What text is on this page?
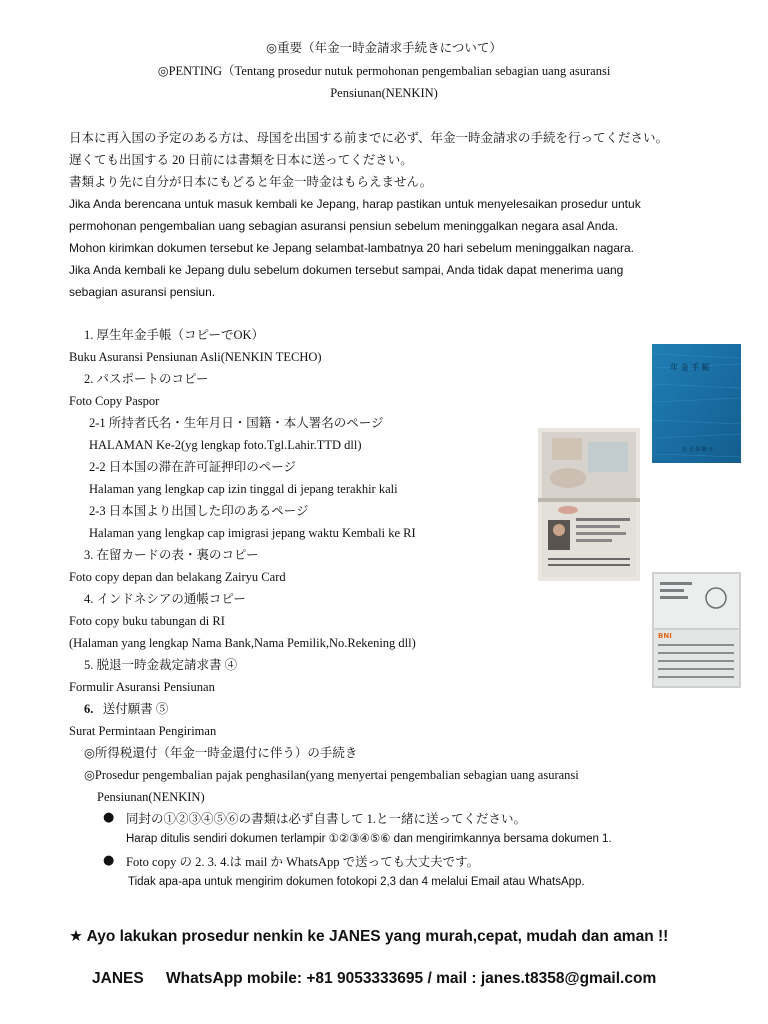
◎重要（年金一時金請求手続きについて）
◎PENTING（Tentang prosedur nutuk permohonan pengembalian sebagian uang asuransi
Pensiunan(NENKIN)
日本に再入国の予定のある方は、母国を出国する前までに必ず、年金一時金請求の手続を行ってください。
遅くても出国する 20 日前には書類を日本に送ってください。
書類より先に自分が日本にもどると年金一時金はもらえません。
Jika Anda berencana untuk masuk kembali ke Jepang, harap pastikan untuk menyelesaikan prosedur untuk
permohonan pengembalian uang sebagian asuransi pensiun sebelum meninggalkan negara asal Anda.
Mohon kirimkan dokumen tersebut ke Jepang selambat-lambatnya 20 hari sebelum meninggalkan nagara.
Jika Anda kembali ke Jepang dulu sebelum dokumen tersebut sampai, Anda tidak dapat menerima uang
sebagian asuransi pensiun.
1. 厚生年金手帳（コピーでOK）
Buku Asuransi Pensiunan Asli(NENKIN TECHO)
2. パスポートのコピー
Foto Copy Paspor
2-1 所持者氏名・生年月日・国籍・本人署名のページ
HALAMAN Ke-2(yg lengkap foto.Tgl.Lahir.TTD dll)
2-2 日本国の滞在許可証押印のページ
Halaman yang lengkap cap izin tinggal di jepang terakhir kali
2-3 日本国より出国した印のあるページ
Halaman yang lengkap cap imigrasi jepang waktu Kembali ke RI
3. 在留カードの表・裏のコピー
Foto copy depan dan belakang Zairyu Card
4. インドネシアの通帳コピー
Foto copy buku tabungan di RI
(Halaman yang lengkap Nama Bank,Nama Pemilik,No.Rekening dll)
5. 脱退一時金裁定請求書 ④
Formulir Asuransi Pensiunan
6. 送付願書 ⑤
Surat Permintaan Pengiriman
◎所得税還付（年金一時金還付に伴う）の手続き
◎Prosedur pengembalian pajak penghasilan(yang menyertai pengembalian sebagian uang asuransi
Pensiunan(NENKIN)
● 同封の①②③④⑤⑥の書類は必ず自書して 1.と一緒に送ってください。
Harap ditulis sendiri dokumen terlampir ①②③④⑤⑥ dan mengirimkannya bersama dokumen 1.
● Foto copy の 2. 3. 4.は mail か WhatsApp で送っても大丈夫です。
Tidak apa-apa untuk mengirim dokumen fotokopi 2,3 dan 4 melalui Email atau WhatsApp.
★ Ayo lakukan prosedur nenkin ke JANES yang murah,cepat, mudah dan aman !!
JANES WhatsApp mobile: +81 9053333695 / mail : janes.t8358@gmail.com
年 金 手 帳
社 会 保 険 庁
BNI
